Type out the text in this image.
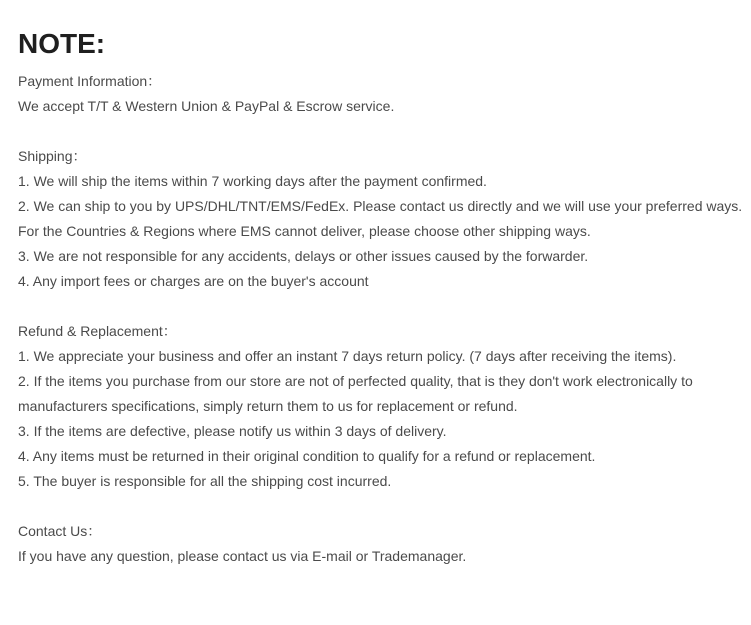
NOTE:
Payment Information：
We accept T/T & Western Union & PayPal & Escrow service.
Shipping：
1. We will ship the items within 7 working days after the payment confirmed.
2. We can ship to you by UPS/DHL/TNT/EMS/FedEx. Please contact us directly and we will use your preferred ways.
For the Countries & Regions where EMS cannot deliver, please choose other shipping ways.
3. We are not responsible for any accidents, delays or other issues caused by the forwarder.
4. Any import fees or charges are on the buyer's account
Refund & Replacement：
1. We appreciate your business and offer an instant 7 days return policy. (7 days after receiving the items).
2. If the items you purchase from our store are not of perfected quality, that is they don't work electronically to
manufacturers specifications, simply return them to us for replacement or refund.
3. If the items are defective, please notify us within 3 days of delivery.
4. Any items must be returned in their original condition to qualify for a refund or replacement.
5. The buyer is responsible for all the shipping cost incurred.
Contact Us：
If you have any question, please contact us via E-mail or Trademanager.
